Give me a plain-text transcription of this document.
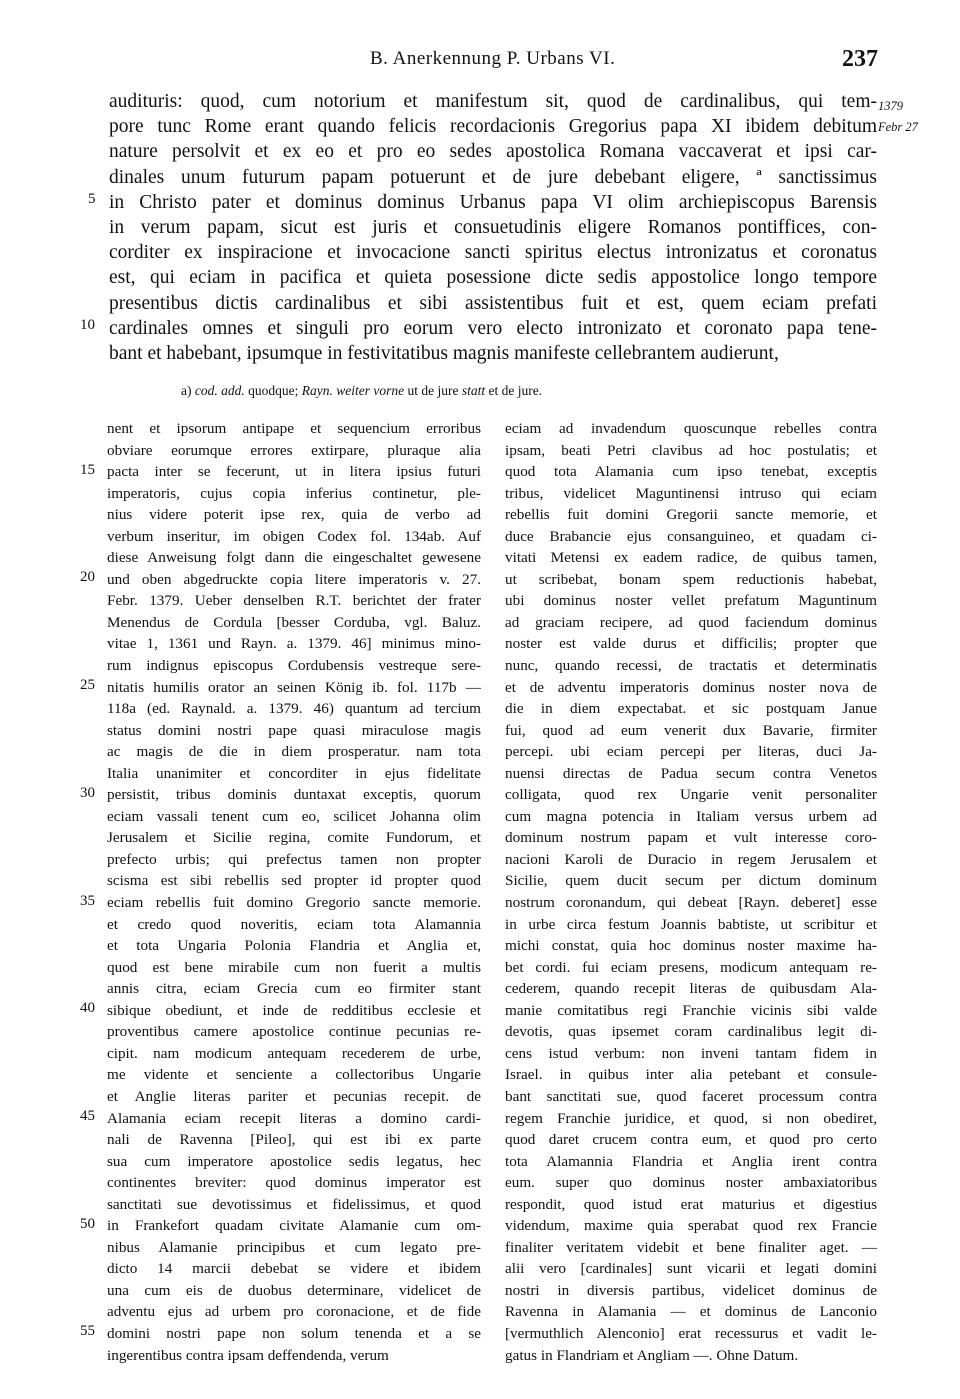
B. Anerkennung P. Urbans VI.	237
1379
Febr 27
audituris: quod, cum notorium et manifestum sit, quod de cardinalibus, qui tem-
pore tunc Rome erant quando felicis recordacionis Gregorius papa XI ibidem debitum
nature persolvit et ex eo et pro eo sedes apostolica Romana vaccaverat et ipsi car-
dinales unum futurum papam potuerunt et de jure debebant eligere, ª sanctissimus
in Christo pater et dominus dominus Urbanus papa VI olim archiepiscopus Barensis
in verum papam, sicut est juris et consuetudinis eligere Romanos pontiffices, con-
corditer ex inspiracione et invocacione sancti spiritus electus intronizatus et coronatus
est, qui eciam in pacifica et quieta posessione dicte sedis appostolice longo tempore
presentibus dictis cardinalibus et sibi assistentibus fuit et est, quem eciam prefati
cardinales omnes et singuli pro eorum vero electo intronizato et coronato papa tene-
bant et habebant, ipsumque in festivitatibus magnis manifeste cellebrantem audierunt,
5
10
a) cod. add. quodque; Rayn. weiter vorne ut de jure statt et de jure.
nent et ipsorum antipape et sequencium erroribus
obviare eorumque errores extirpare, pluraque alia
pacta inter se fecerunt, ut in litera ipsius futuri
imperatoris, cujus copia inferius continetur, ple-
nius videre poterit ipse rex, quia de verbo ad
verbum inseritur, im obigen Codex fol. 134ab. Auf
diese Anweisung folgt dann die eingeschaltet gewesene
und oben abgedruckte copia litere imperatoris v. 27.
Febr. 1379. Ueber denselben R.T. berichtet der frater
Menendus de Cordula [besser Corduba, vgl. Baluz.
vitae 1, 1361 und Rayn. a. 1379. 46] minimus mino-
rum indignus episcopus Cordubensis vestreque sere-
nitatis humilis orator an seinen König ib. fol. 117b —
118a (ed. Raynald. a. 1379. 46) quantum ad tercium
status domini nostri pape quasi miraculose magis
ac magis de die in diem prosperatur. nam tota
Italia unanimiter et concorditer in ejus fidelitate
persistit, tribus dominis duntaxat exceptis, quorum
eciam vassali tenent cum eo, scilicet Johanna olim
Jerusalem et Sicilie regina, comite Fundorum, et
prefecto urbis; qui prefectus tamen non propter
scisma est sibi rebellis sed propter id propter quod
eciam rebellis fuit domino Gregorio sancte memorie.
et credo quod noveritis, eciam tota Alamannia
et tota Ungaria Polonia Flandria et Anglia et,
quod est bene mirabile cum non fuerit a multis
annis citra, eciam Grecia cum eo firmiter stant
sibique obediunt, et inde de redditibus ecclesie et
proventibus camere apostolice continue pecunias re-
cipit. nam modicum antequam recederem de urbe,
me vidente et senciente a collectoribus Ungarie
et Anglie literas pariter et pecunias recepit. de
Alamania eciam recepit literas a domino cardi-
nali de Ravenna [Pileo], qui est ibi ex parte
sua cum imperatore apostolice sedis legatus, hec
continentes breviter: quod dominus imperator est
sanctitati sue devotissimus et fidelissimus, et quod
in Frankefort quadam civitate Alamanie cum om-
nibus Alamanie principibus et cum legato pre-
dicto 14 marcii debebat se videre et ibidem
una cum eis de duobus determinare, videlicet de
adventu ejus ad urbem pro coronacione, et de fide
domini nostri pape non solum tenenda et a se
ingerentibus contra ipsam deffendenda, verum
eciam ad invadendum quoscunque rebelles contra
ipsam, beati Petri clavibus ad hoc postulatis; et
quod tota Alamania cum ipso tenebat, exceptis
tribus, videlicet Maguntinensi intruso qui eciam
rebellis fuit domini Gregorii sancte memorie, et
duce Brabancie ejus consanguineo, et quadam ci-
vitati Metensi ex eadem radice, de quibus tamen,
ut scribebat, bonam spem reductionis habebat,
ubi dominus noster vellet prefatum Maguntinum
ad graciam recipere, ad quod faciendum dominus
noster est valde durus et difficilis; propter que
nunc, quando recessi, de tractatis et determinatis
et de adventu imperatoris dominus noster nova de
die in diem expectabat. et sic postquam Janue
fui, quod ad eum venerit dux Bavarie, firmiter
percepi. ubi eciam percepi per literas, duci Ja-
nuensi directas de Padua secum contra Venetos
colligata, quod rex Ungarie venit personaliter
cum magna potencia in Italiam versus urbem ad
dominum nostrum papam et vult interesse coro-
nacioni Karoli de Duracio in regem Jerusalem et
Sicilie, quem ducit secum per dictum dominum
nostrum coronandum, qui debeat [Rayn. deberet] esse
in urbe circa festum Joannis babtiste, ut scribitur et
michi constat, quia hoc dominus noster maxime ha-
bet cordi. fui eciam presens, modicum antequam re-
cederem, quando recepit literas de quibusdam Ala-
manie comitatibus regi Franchie vicinis sibi valde
devotis, quas ipsemet coram cardinalibus legit di-
cens istud verbum: non inveni tantam fidem in
Israel. in quibus inter alia petebant et consule-
bant sanctitati sue, quod faceret processum contra
regem Franchie juridice, et quod, si non obediret,
quod daret crucem contra eum, et quod pro certo
tota Alamannia Flandria et Anglia irent contra
eum. super quo dominus noster ambaxiatoribus
respondit, quod istud erat maturius et digestius
videndum, maxime quia sperabat quod rex Francie
finaliter veritatem videbit et bene finaliter aget. —
alii vero [cardinales] sunt vicarii et legati domini
nostri in diversis partibus, videlicet dominus de
Ravenna in Alamania — et dominus de Lanconio
[vermuthlich Alenconio] erat recessurus et vadit le-
gatus in Flandriam et Angliam —. Ohne Datum.
15
20
25
30
35
40
45
50
55
